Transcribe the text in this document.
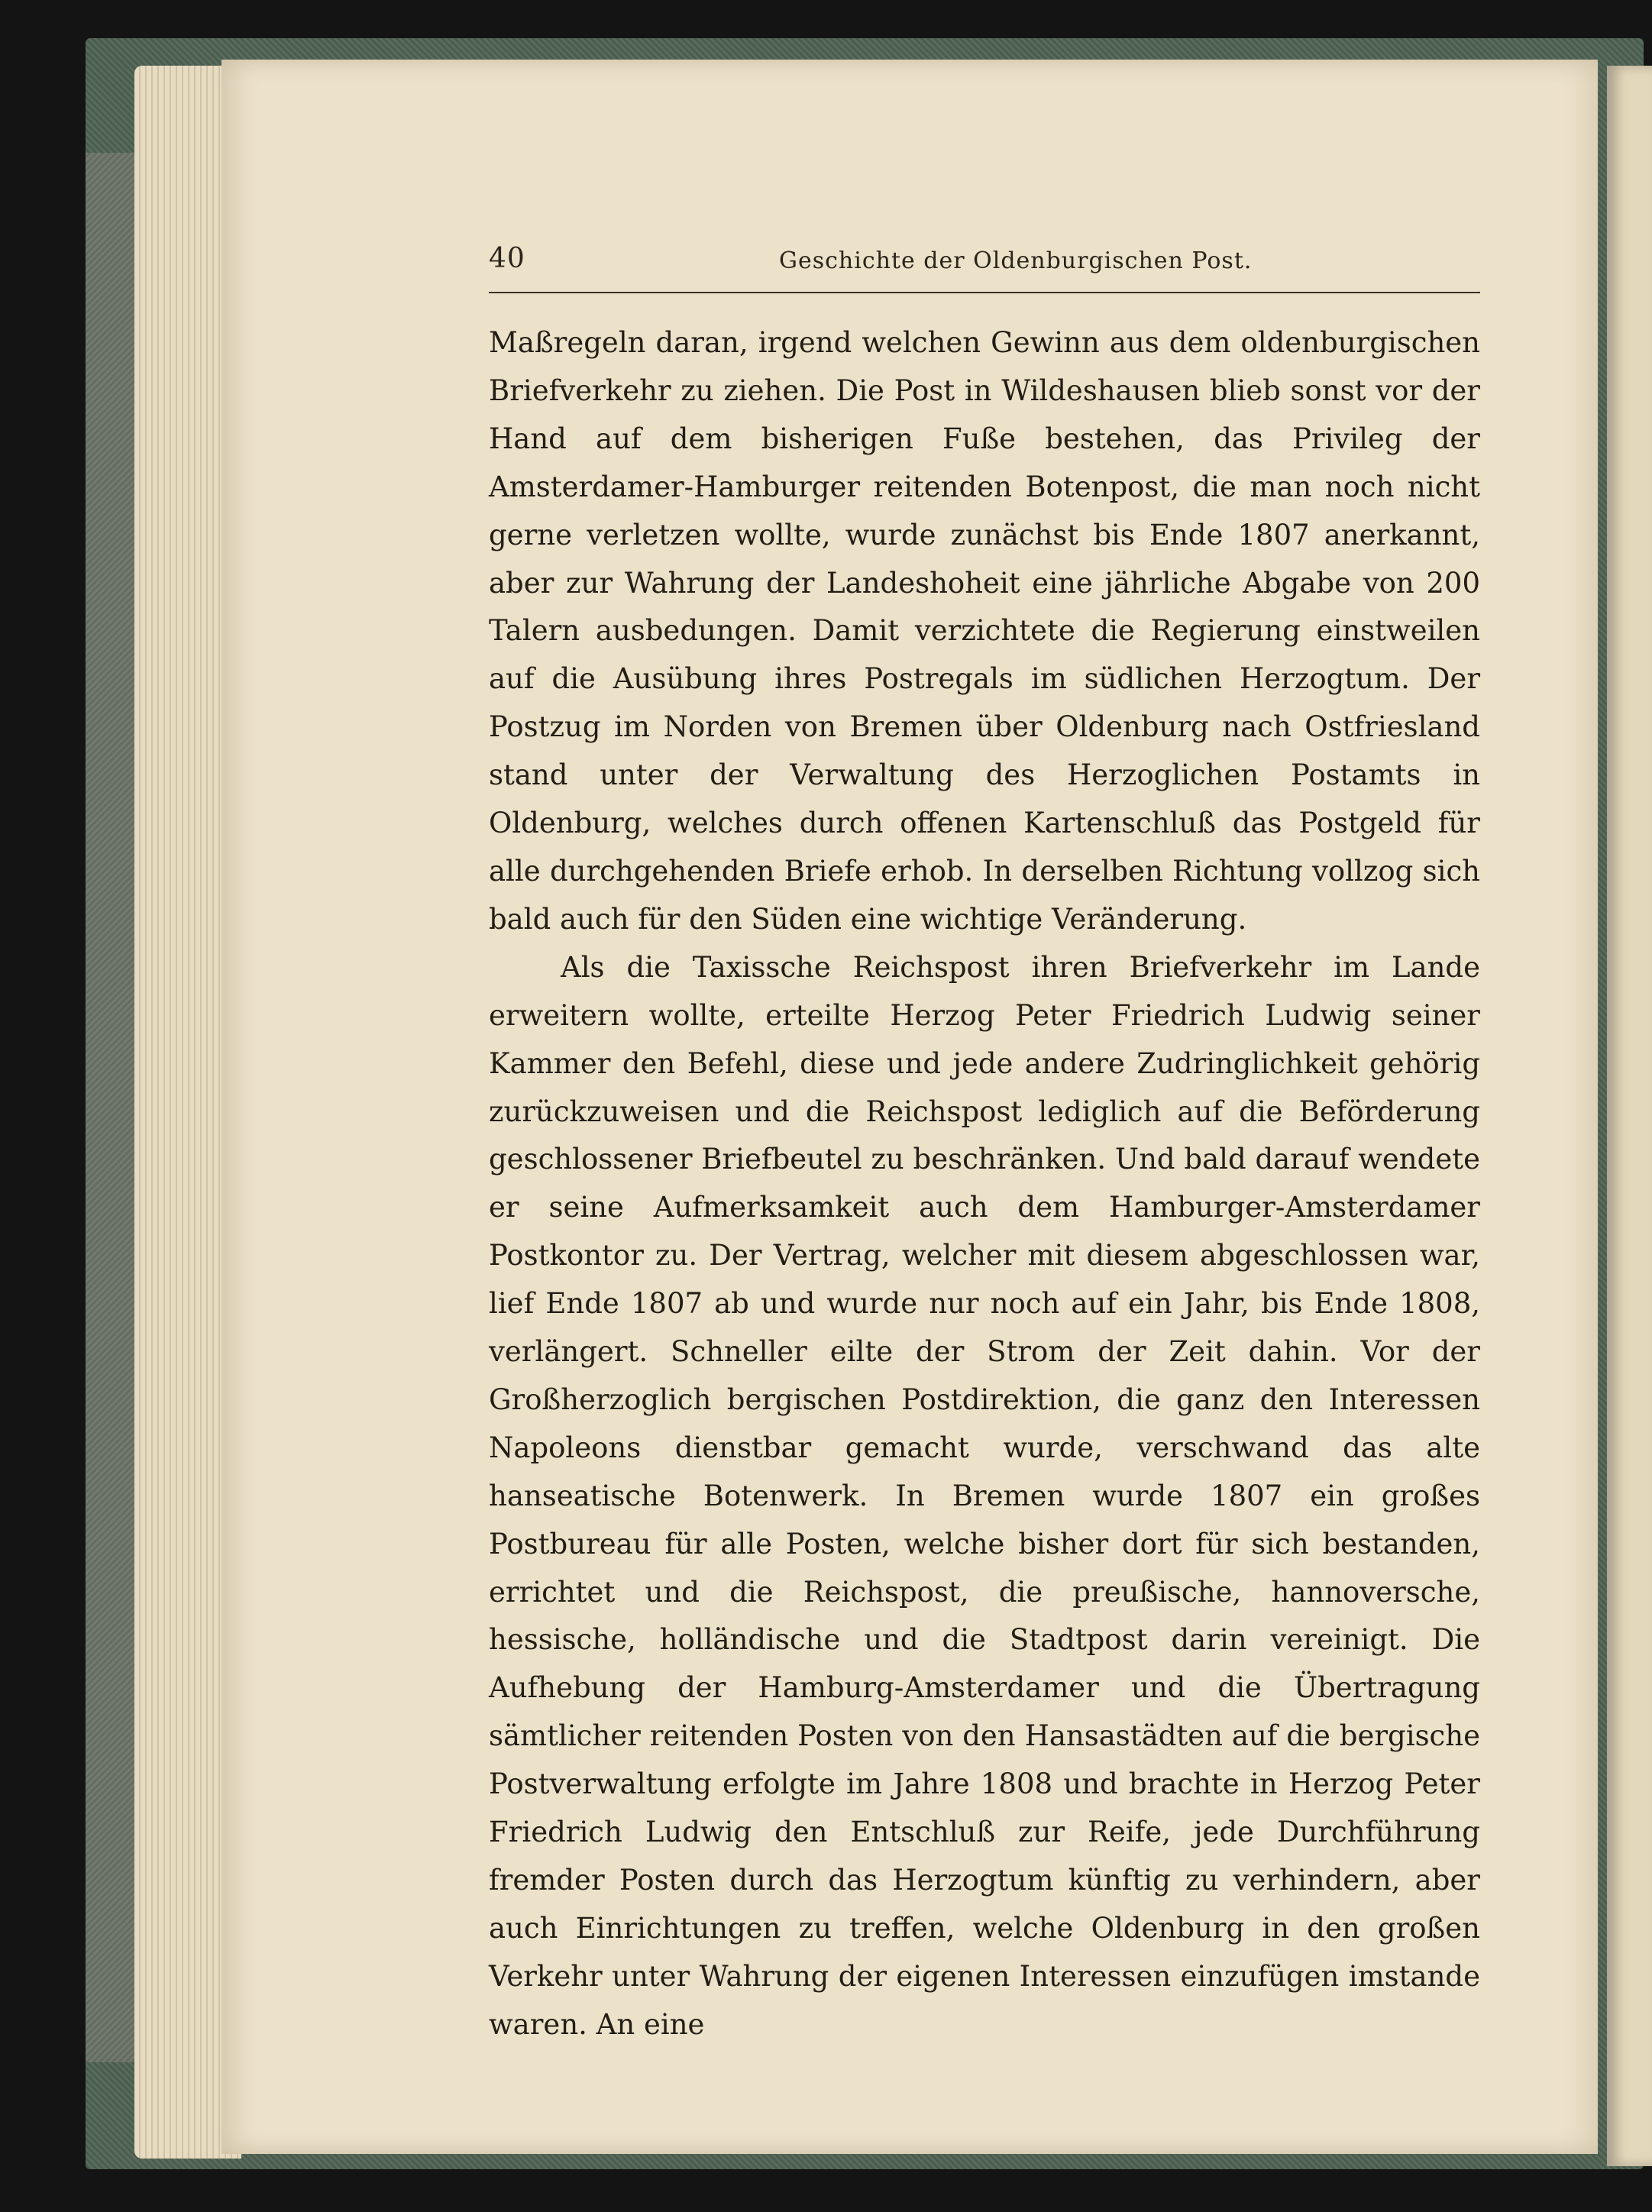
40	Geschichte der Oldenburgischen Post.

Maßregeln daran, irgend welchen Gewinn aus dem oldenburgischen Briefverkehr zu ziehen. Die Post in Wildeshausen blieb sonst vor der Hand auf dem bisherigen Fuße bestehen, das Privileg der Amsterdamer-Hamburger reitenden Botenpost, die man noch nicht gerne verletzen wollte, wurde zunächst bis Ende 1807 anerkannt, aber zur Wahrung der Landeshoheit eine jährliche Abgabe von 200 Talern ausbedungen. Damit verzichtete die Regierung einstweilen auf die Ausübung ihres Postregals im südlichen Herzogtum. Der Postzug im Norden von Bremen über Oldenburg nach Ostfriesland stand unter der Verwaltung des Herzoglichen Postamts in Oldenburg, welches durch offenen Kartenschluß das Postgeld für alle durchgehenden Briefe erhob. In derselben Richtung vollzog sich bald auch für den Süden eine wichtige Veränderung.

Als die Taxissche Reichspost ihren Briefverkehr im Lande erweitern wollte, erteilte Herzog Peter Friedrich Ludwig seiner Kammer den Befehl, diese und jede andere Zudringlichkeit gehörig zurückzuweisen und die Reichspost lediglich auf die Beförderung geschlossener Briefbeutel zu beschränken. Und bald darauf wendete er seine Aufmerksamkeit auch dem Hamburger-Amsterdamer Postkontor zu. Der Vertrag, welcher mit diesem abgeschlossen war, lief Ende 1807 ab und wurde nur noch auf ein Jahr, bis Ende 1808, verlängert. Schneller eilte der Strom der Zeit dahin. Vor der Großherzoglich bergischen Postdirektion, die ganz den Interessen Napoleons dienstbar gemacht wurde, verschwand das alte hanseatische Botenwerk. In Bremen wurde 1807 ein großes Postbureau für alle Posten, welche bisher dort für sich bestanden, errichtet und die Reichspost, die preußische, hannoversche, hessische, holländische und die Stadtpost darin vereinigt. Die Aufhebung der Hamburg-Amsterdamer und die Übertragung sämtlicher reitenden Posten von den Hansastädten auf die bergische Postverwaltung erfolgte im Jahre 1808 und brachte in Herzog Peter Friedrich Ludwig den Entschluß zur Reife, jede Durchführung fremder Posten durch das Herzogtum künftig zu verhindern, aber auch Einrichtungen zu treffen, welche Oldenburg in den großen Verkehr unter Wahrung der eigenen Interessen einzufügen imstande waren. An eine
